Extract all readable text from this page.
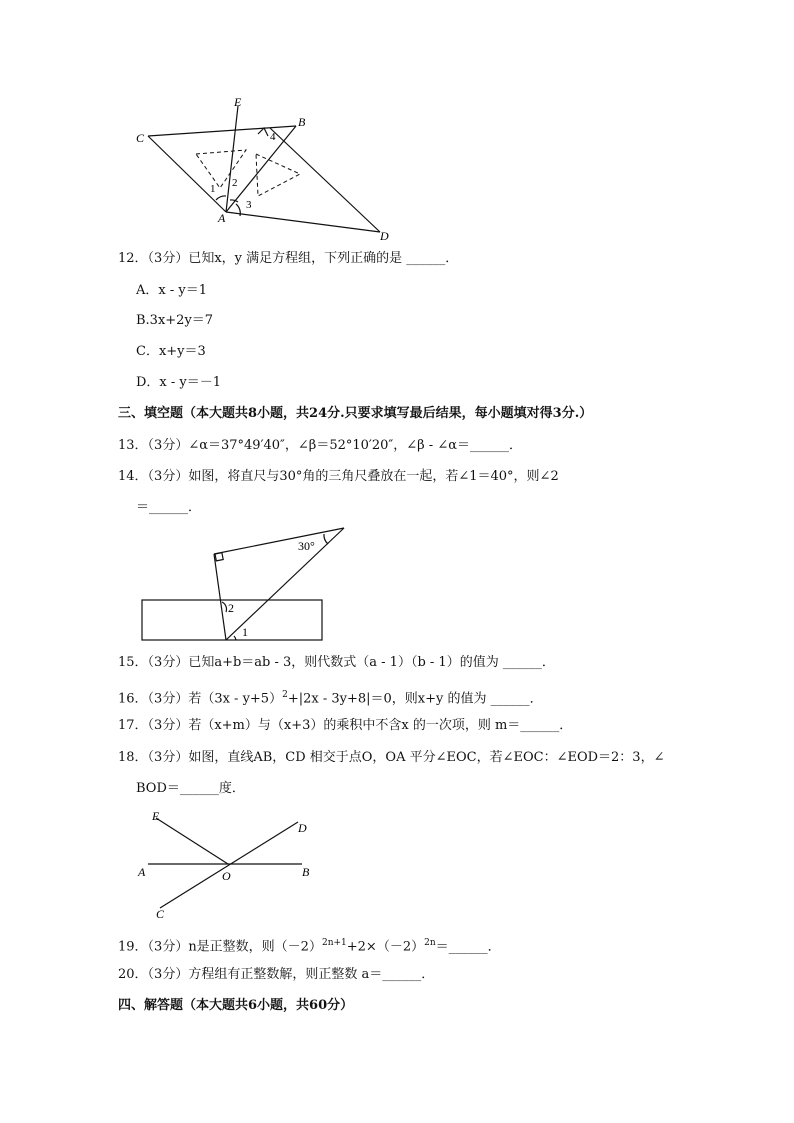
E
B
C
A
D
1 2
3
4
12．（3分）已知x，y 满足方程组，下列正确的是 ______．
A．x - y＝1
B.3x+2y＝7
C．x+y＝3
D．x - y＝－1
三、填空题（本大题共8小题，共24分.只要求填写最后结果，每小题填对得3分.）
13．（3分）∠α＝37°49′40″，∠β＝52°10′20″，∠β - ∠α＝______．
14．（3分）如图，将直尺与30°角的三角尺叠放在一起，若∠1＝40°，则∠2
＝______．
30°
1
2
15．（3分）已知a+b＝ab - 3，则代数式（a - 1）（b - 1）的值为 ______．
16．（3分）若$(3x - y+5)^2+|2x - 3y+8|=0$，则x+y 的值为 ______．
17．（3分）若（x+m）与（x+3）的乘积中不含x 的一次项，则 m＝______．
18．（3分）如图，直线AB，CD 相交于点O，OA 平分∠EOC，若∠EOC：∠EOD＝2：3，∠
BOD＝______度．
E
D
A	O	B
C
19．（3分）n是正整数，则$(-2)^{2n+1}+2\times(-2)^{2n}=\_\_\_\_\_\_$．
20．（3分）方程组有正整数解，则正整数 a＝______．
四、解答题（本大题共6小题，共60分）
